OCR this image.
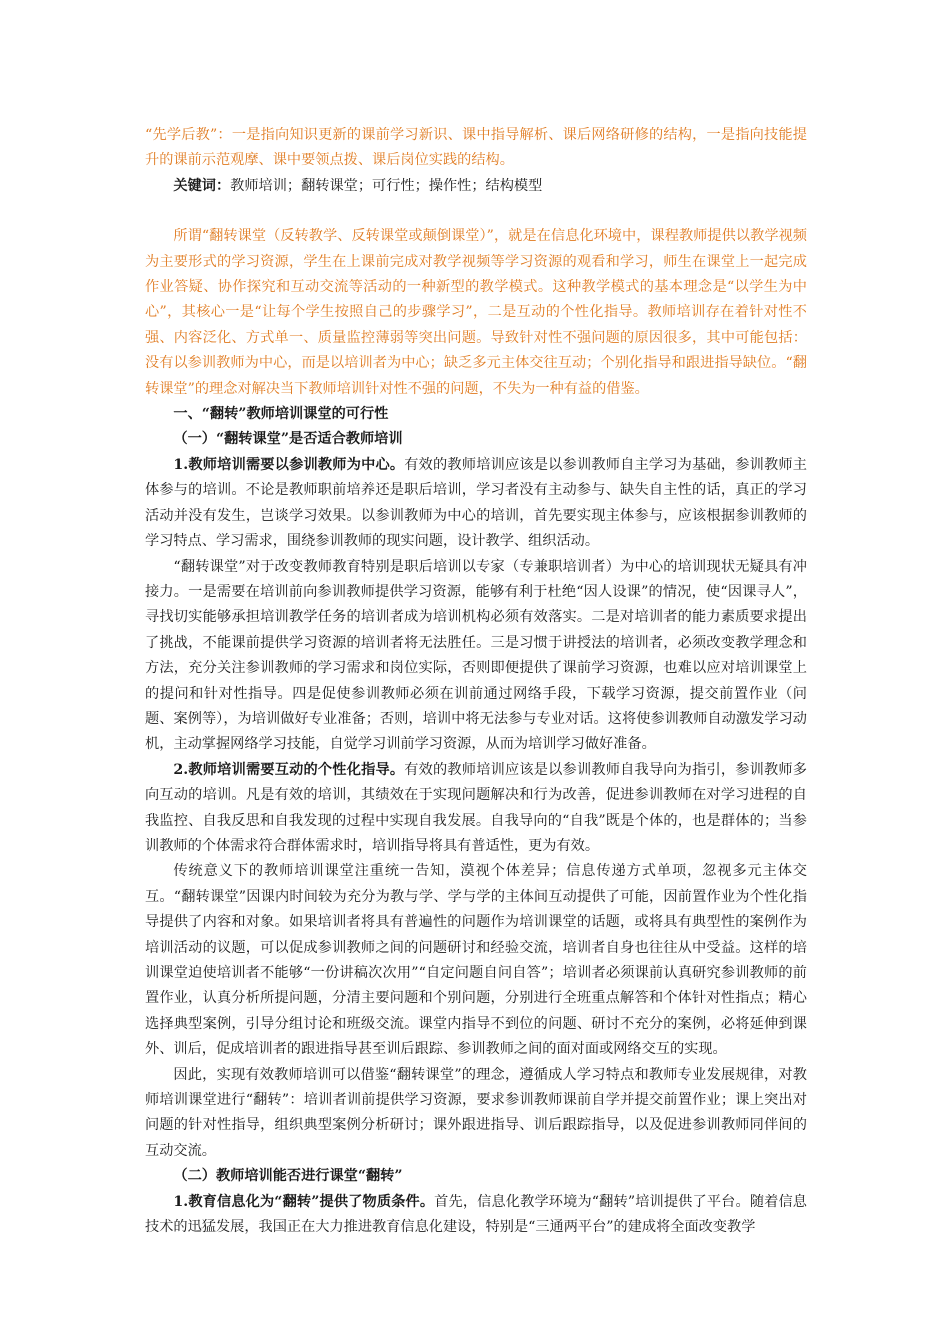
“先学后教”：一是指向知识更新的课前学习新识、课中指导解析、课后网络研修的结构，一是指向技能提升的课前示范观摩、课中要领点拨、课后岗位实践的结构。

关键词：教师培训；翻转课堂；可行性；操作性；结构模型

所谓“翻转课堂（反转教学、反转课堂或颠倒课堂）”，就是在信息化环境中，课程教师提供以教学视频为主要形式的学习资源，学生在上课前完成对教学视频等学习资源的观看和学习，师生在课堂上一起完成作业答疑、协作探究和互动交流等活动的一种新型的教学模式。这种教学模式的基本理念是“以学生为中心”，其核心一是“让每个学生按照自己的步骤学习”，二是互动的个性化指导。教师培训存在着针对性不强、内容泛化、方式单一、质量监控薄弱等突出问题。导致针对性不强问题的原因很多，其中可能包括：没有以参训教师为中心，而是以培训者为中心；缺乏多元主体交往互动；个别化指导和跟进指导缺位。“翻转课堂”的理念对解决当下教师培训针对性不强的问题，不失为一种有益的借鉴。

一、“翻转”教师培训课堂的可行性

（一）“翻转课堂”是否适合教师培训

1.教师培训需要以参训教师为中心。有效的教师培训应该是以参训教师自主学习为基础，参训教师主体参与的培训。不论是教师职前培养还是职后培训，学习者没有主动参与、缺失自主性的话，真正的学习活动并没有发生，岂谈学习效果。以参训教师为中心的培训，首先要实现主体参与，应该根据参训教师的学习特点、学习需求，围绕参训教师的现实问题，设计教学、组织活动。

“翻转课堂”对于改变教师教育特别是职后培训以专家（专兼职培训者）为中心的培训现状无疑具有冲接力。一是需要在培训前向参训教师提供学习资源，能够有利于杜绝“因人设课”的情况，使“因课寻人”，寻找切实能够承担培训教学任务的培训者成为培训机构必须有效落实。二是对培训者的能力素质要求提出了挑战，不能课前提供学习资源的培训者将无法胜任。三是习惯于讲授法的培训者，必须改变教学理念和方法，充分关注参训教师的学习需求和岗位实际，否则即便提供了课前学习资源，也难以应对培训课堂上的提问和针对性指导。四是促使参训教师必须在训前通过网络手段，下载学习资源，提交前置作业（问题、案例等），为培训做好专业准备；否则，培训中将无法参与专业对话。这将使参训教师自动激发学习动机，主动掌握网络学习技能，自觉学习训前学习资源，从而为培训学习做好准备。

2.教师培训需要互动的个性化指导。有效的教师培训应该是以参训教师自我导向为指引，参训教师多向互动的培训。凡是有效的培训，其绩效在于实现问题解决和行为改善，促进参训教师在对学习进程的自我监控、自我反思和自我发现的过程中实现自我发展。自我导向的“自我”既是个体的，也是群体的；当参训教师的个体需求符合群体需求时，培训指导将具有普适性，更为有效。

传统意义下的教师培训课堂注重统一告知，漠视个体差异；信息传递方式单项，忽视多元主体交互。“翻转课堂”因课内时间较为充分为教与学、学与学的主体间互动提供了可能，因前置作业为个性化指导提供了内容和对象。如果培训者将具有普遍性的问题作为培训课堂的话题，或将具有典型性的案例作为培训活动的议题，可以促成参训教师之间的问题研讨和经验交流，培训者自身也往往从中受益。这样的培训课堂迫使培训者不能够“一份讲稿次次用”“自定问题自问自答”；培训者必须课前认真研究参训教师的前置作业，认真分析所提问题，分清主要问题和个别问题，分别进行全班重点解答和个体针对性指点；精心选择典型案例，引导分组讨论和班级交流。课堂内指导不到位的问题、研讨不充分的案例，必将延伸到课外、训后，促成培训者的跟进指导甚至训后跟踪、参训教师之间的面对面或网络交互的实现。

因此，实现有效教师培训可以借鉴“翻转课堂”的理念，遵循成人学习特点和教师专业发展规律，对教师培训课堂进行“翻转”：培训者训前提供学习资源，要求参训教师课前自学并提交前置作业；课上突出对问题的针对性指导，组织典型案例分析研讨；课外跟进指导、训后跟踪指导，以及促进参训教师同伴间的互动交流。

（二）教师培训能否进行课堂“翻转”

1.教育信息化为“翻转”提供了物质条件。首先，信息化教学环境为“翻转”培训提供了平台。随着信息技术的迅猛发展，我国正在大力推进教育信息化建设，特别是“三通两平台”的建成将全面改变教学
